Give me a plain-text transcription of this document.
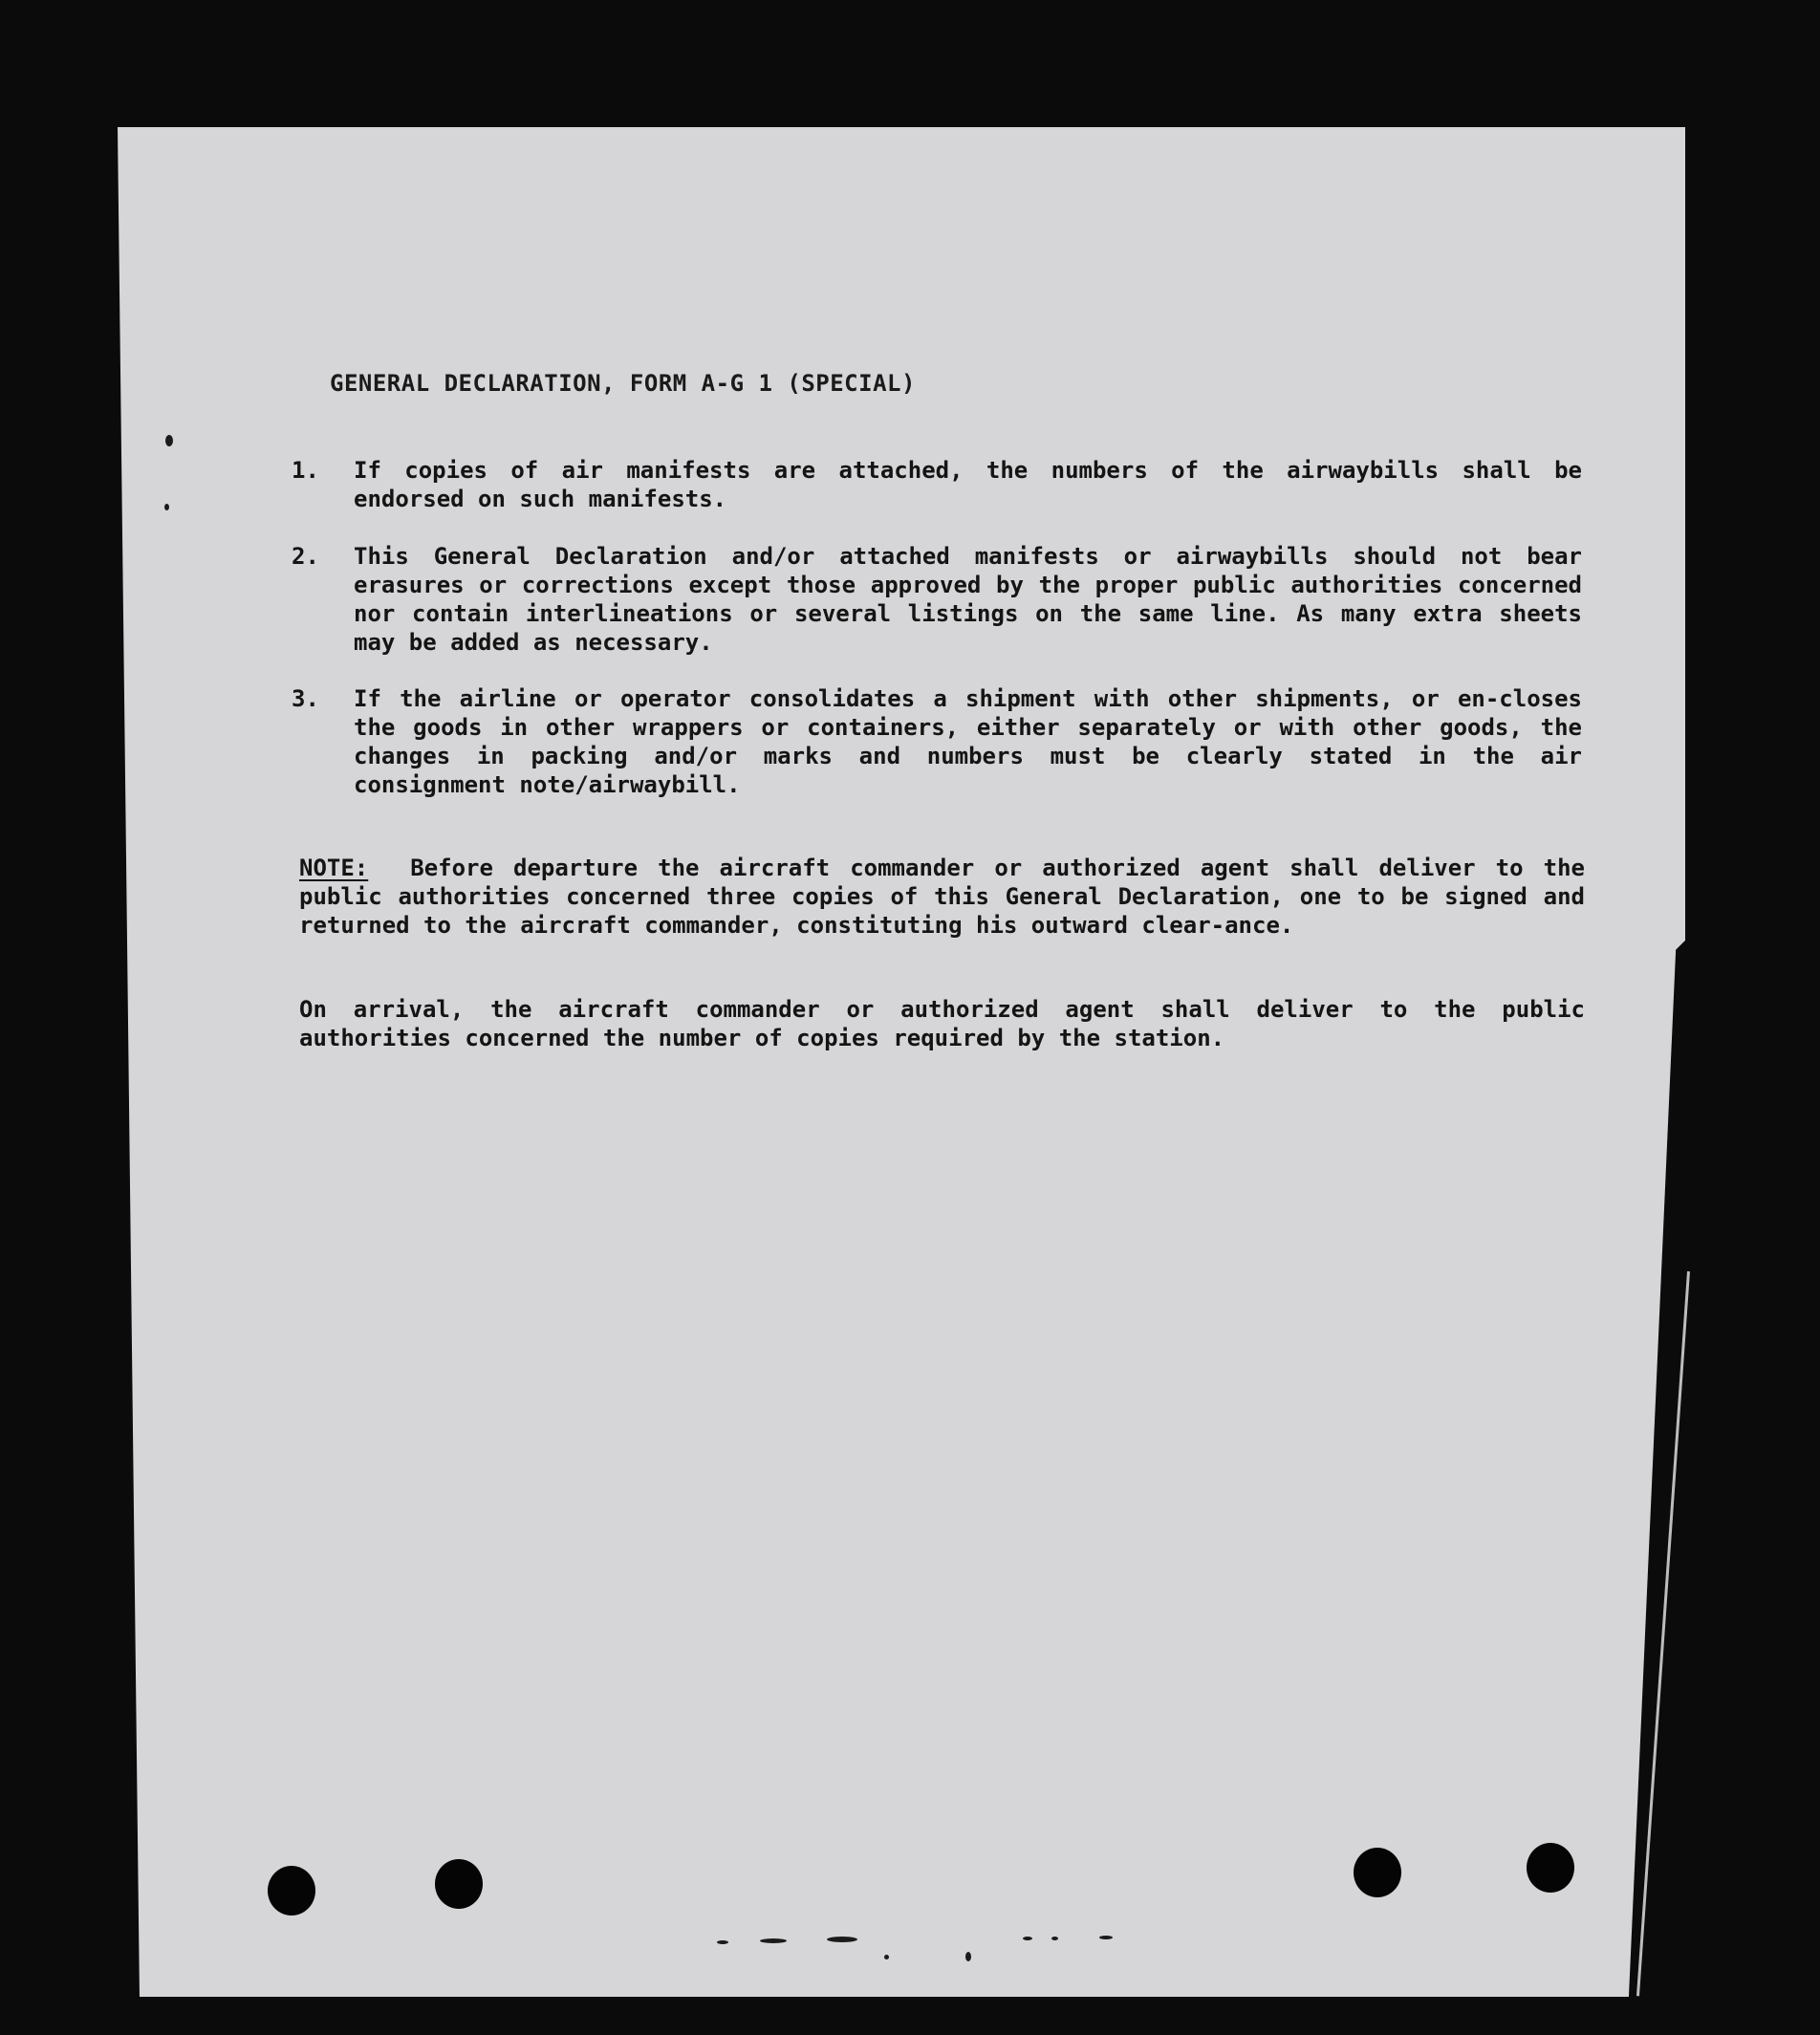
GENERAL DECLARATION, FORM A-G 1 (SPECIAL)
1.	If copies of air manifests are attached, the numbers of the airwaybills shall be endorsed on such manifests.
2.	This General Declaration and/or attached manifests or airwaybills should not bear erasures or corrections except those approved by the proper public authorities concerned nor contain interlineations or several listings on the same line. As many extra sheets may be added as necessary.
3.	If the airline or operator consolidates a shipment with other shipments, or en-closes the goods in other wrappers or containers, either separately or with other goods, the changes in packing and/or marks and numbers must be clearly stated in the air consignment note/airwaybill.
NOTE: Before departure the aircraft commander or authorized agent shall deliver to the public authorities concerned three copies of this General Declaration, one to be signed and returned to the aircraft commander, constituting his outward clear-ance.
On arrival, the aircraft commander or authorized agent shall deliver to the public authorities concerned the number of copies required by the station.
